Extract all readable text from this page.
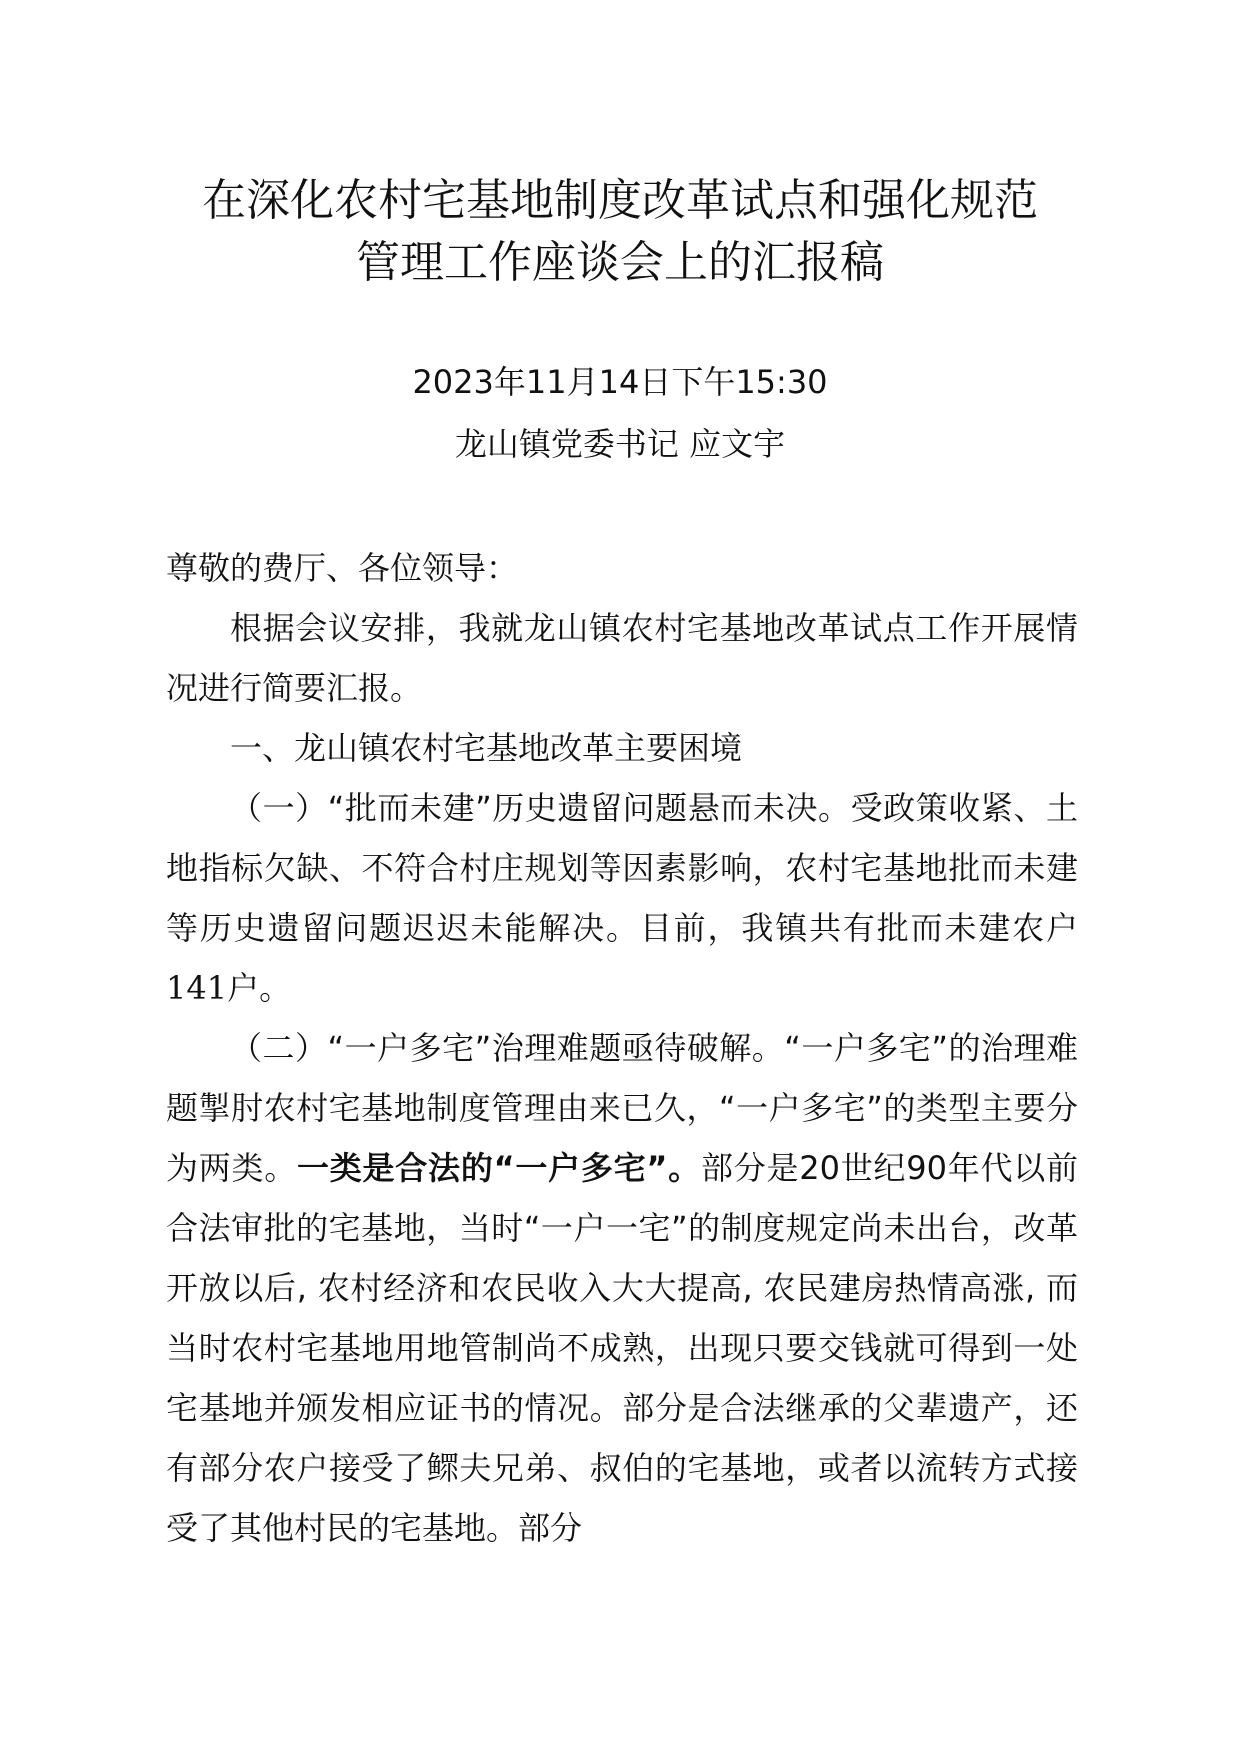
在深化农村宅基地制度改革试点和强化规范
管理工作座谈会上的汇报稿

2023年11月14日下午15:30

龙山镇党委书记 应文宇

尊敬的费厅、各位领导：

根据会议安排，我就龙山镇农村宅基地改革试点工作开展情况进行简要汇报。

一、龙山镇农村宅基地改革主要困境

（一）“批而未建”历史遗留问题悬而未决。受政策收紧、土地指标欠缺、不符合村庄规划等因素影响，农村宅基地批而未建等历史遗留问题迟迟未能解决。目前，我镇共有批而未建农户141户。

（二）“一户多宅”治理难题亟待破解。“一户多宅”的治理难题掣肘农村宅基地制度管理由来已久，“一户多宅”的类型主要分为两类。一类是合法的“一户多宅”。部分是20世纪90年代以前合法审批的宅基地，当时“一户一宅”的制度规定尚未出台，改革开放以后, 农村经济和农民收入大大提高, 农民建房热情高涨, 而当时农村宅基地用地管制尚不成熟，出现只要交钱就可得到一处宅基地并颁发相应证书的情况。部分是合法继承的父辈遗产，还有部分农户接受了鳏夫兄弟、叔伯的宅基地，或者以流转方式接受了其他村民的宅基地。部分
